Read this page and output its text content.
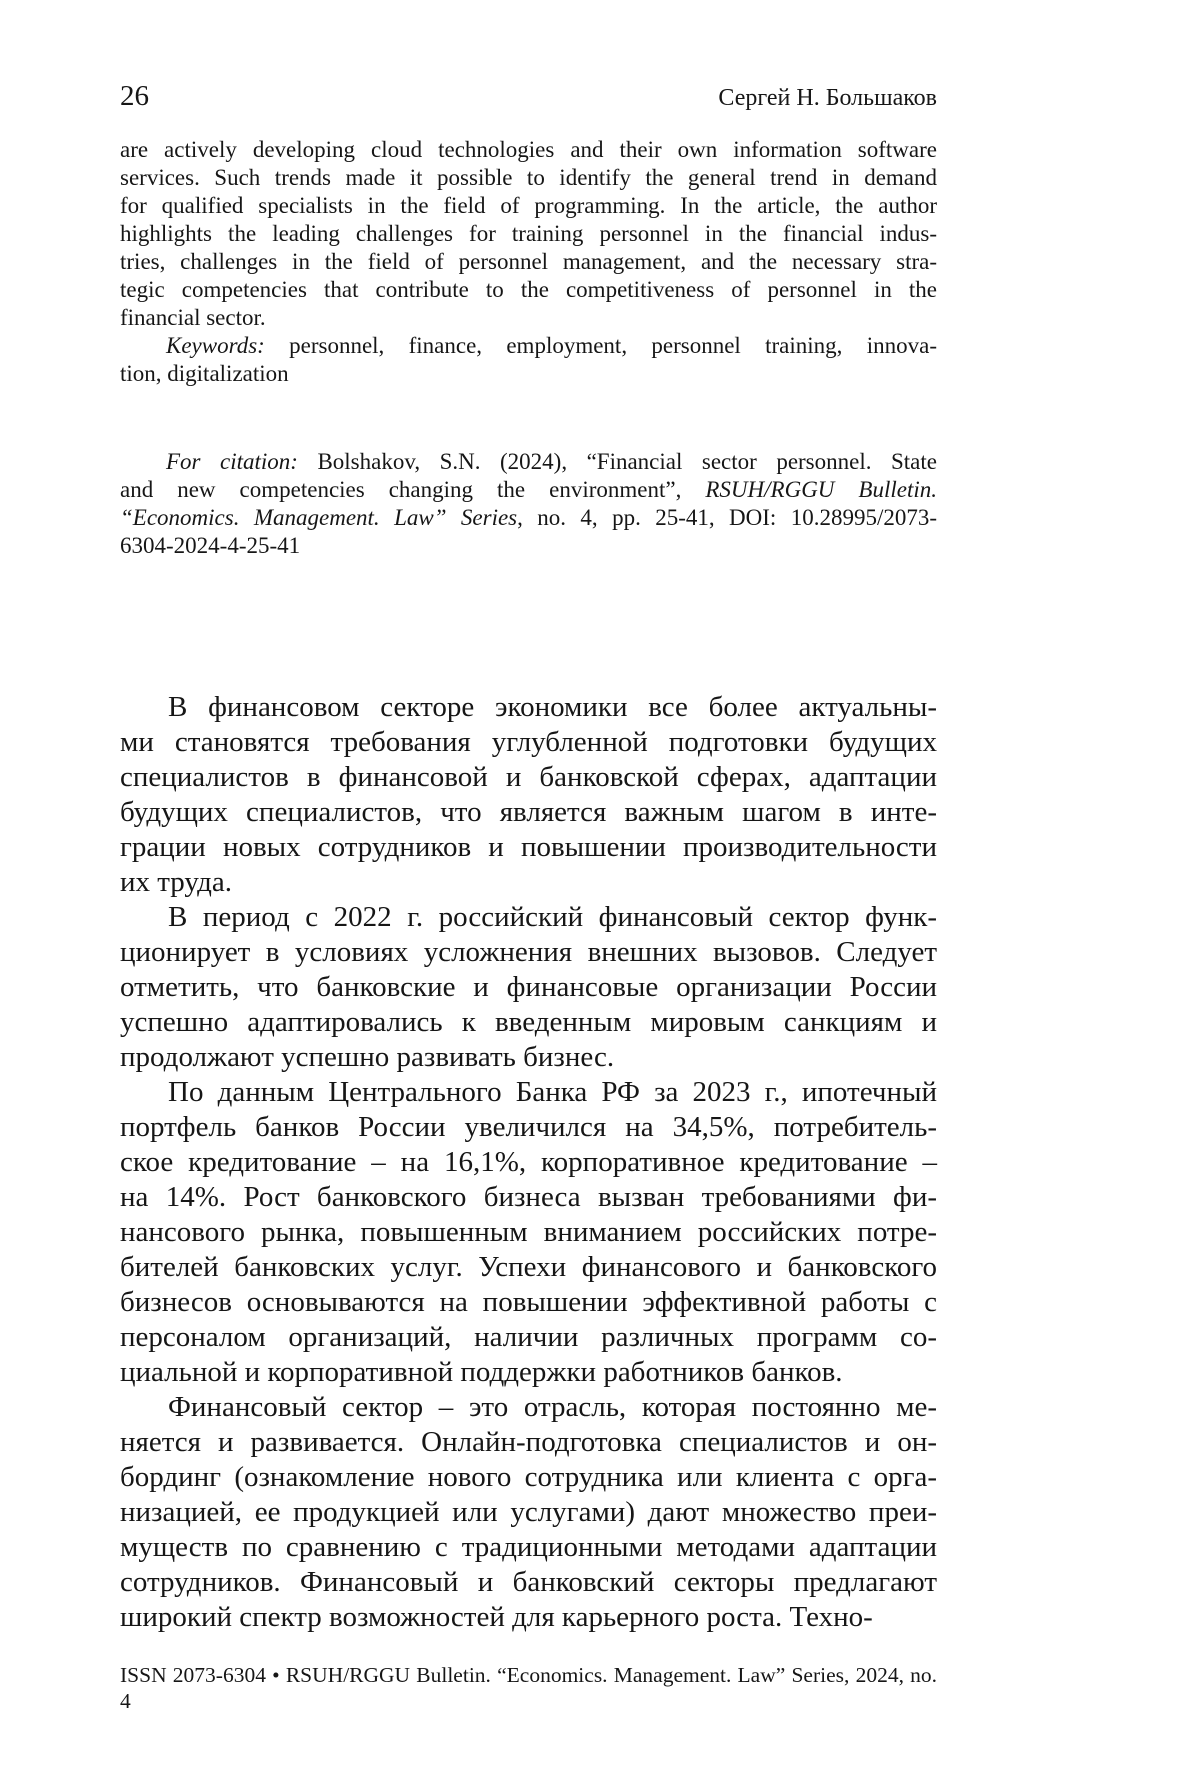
26	Сергей Н. Большаков
are actively developing cloud technologies and their own information software
services. Such trends made it possible to identify the general trend in demand
for qualified specialists in the field of programming. In the article, the author
highlights the leading challenges for training personnel in the financial indus-
tries, challenges in the field of personnel management, and the necessary stra-
tegic competencies that contribute to the competitiveness of personnel in the
financial sector.
Keywords: personnel, finance, employment, personnel training, innova-
tion, digitalization
For citation: Bolshakov, S.N. (2024), “Financial sector personnel. State
and new competencies changing the environment”, RSUH/RGGU Bulletin.
“Economics. Management. Law” Series, no. 4, pp. 25-41, DOI: 10.28995/2073-
6304-2024-4-25-41
В финансовом секторе экономики все более актуальны-
ми становятся требования углубленной подготовки будущих
специалистов в финансовой и банковской сферах, адаптации
будущих специалистов, что является важным шагом в инте-
грации новых сотрудников и повышении производительности
их труда.
В период с 2022 г. российский финансовый сектор функ-
ционирует в условиях усложнения внешних вызовов. Следует
отметить, что банковские и финансовые организации России
успешно адаптировались к введенным мировым санкциям и
продолжают успешно развивать бизнес.
По данным Центрального Банка РФ за 2023 г., ипотечный
портфель банков России увеличился на 34,5%, потребитель-
ское кредитование – на 16,1%, корпоративное кредитование –
на 14%. Рост банковского бизнеса вызван требованиями фи-
нансового рынка, повышенным вниманием российских потре-
бителей банковских услуг. Успехи финансового и банковского
бизнесов основываются на повышении эффективной работы с
персоналом организаций, наличии различных программ со-
циальной и корпоративной поддержки работников банков.
Финансовый сектор – это отрасль, которая постоянно ме-
няется и развивается. Онлайн-подготовка специалистов и он-
бординг (ознакомление нового сотрудника или клиента с орга-
низацией, ее продукцией или услугами) дают множество преи-
муществ по сравнению с традиционными методами адаптации
сотрудников. Финансовый и банковский секторы предлагают
широкий спектр возможностей для карьерного роста. Техно-
ISSN 2073-6304 • RSUH/RGGU Bulletin. “Economics. Management. Law” Series, 2024, no. 4
